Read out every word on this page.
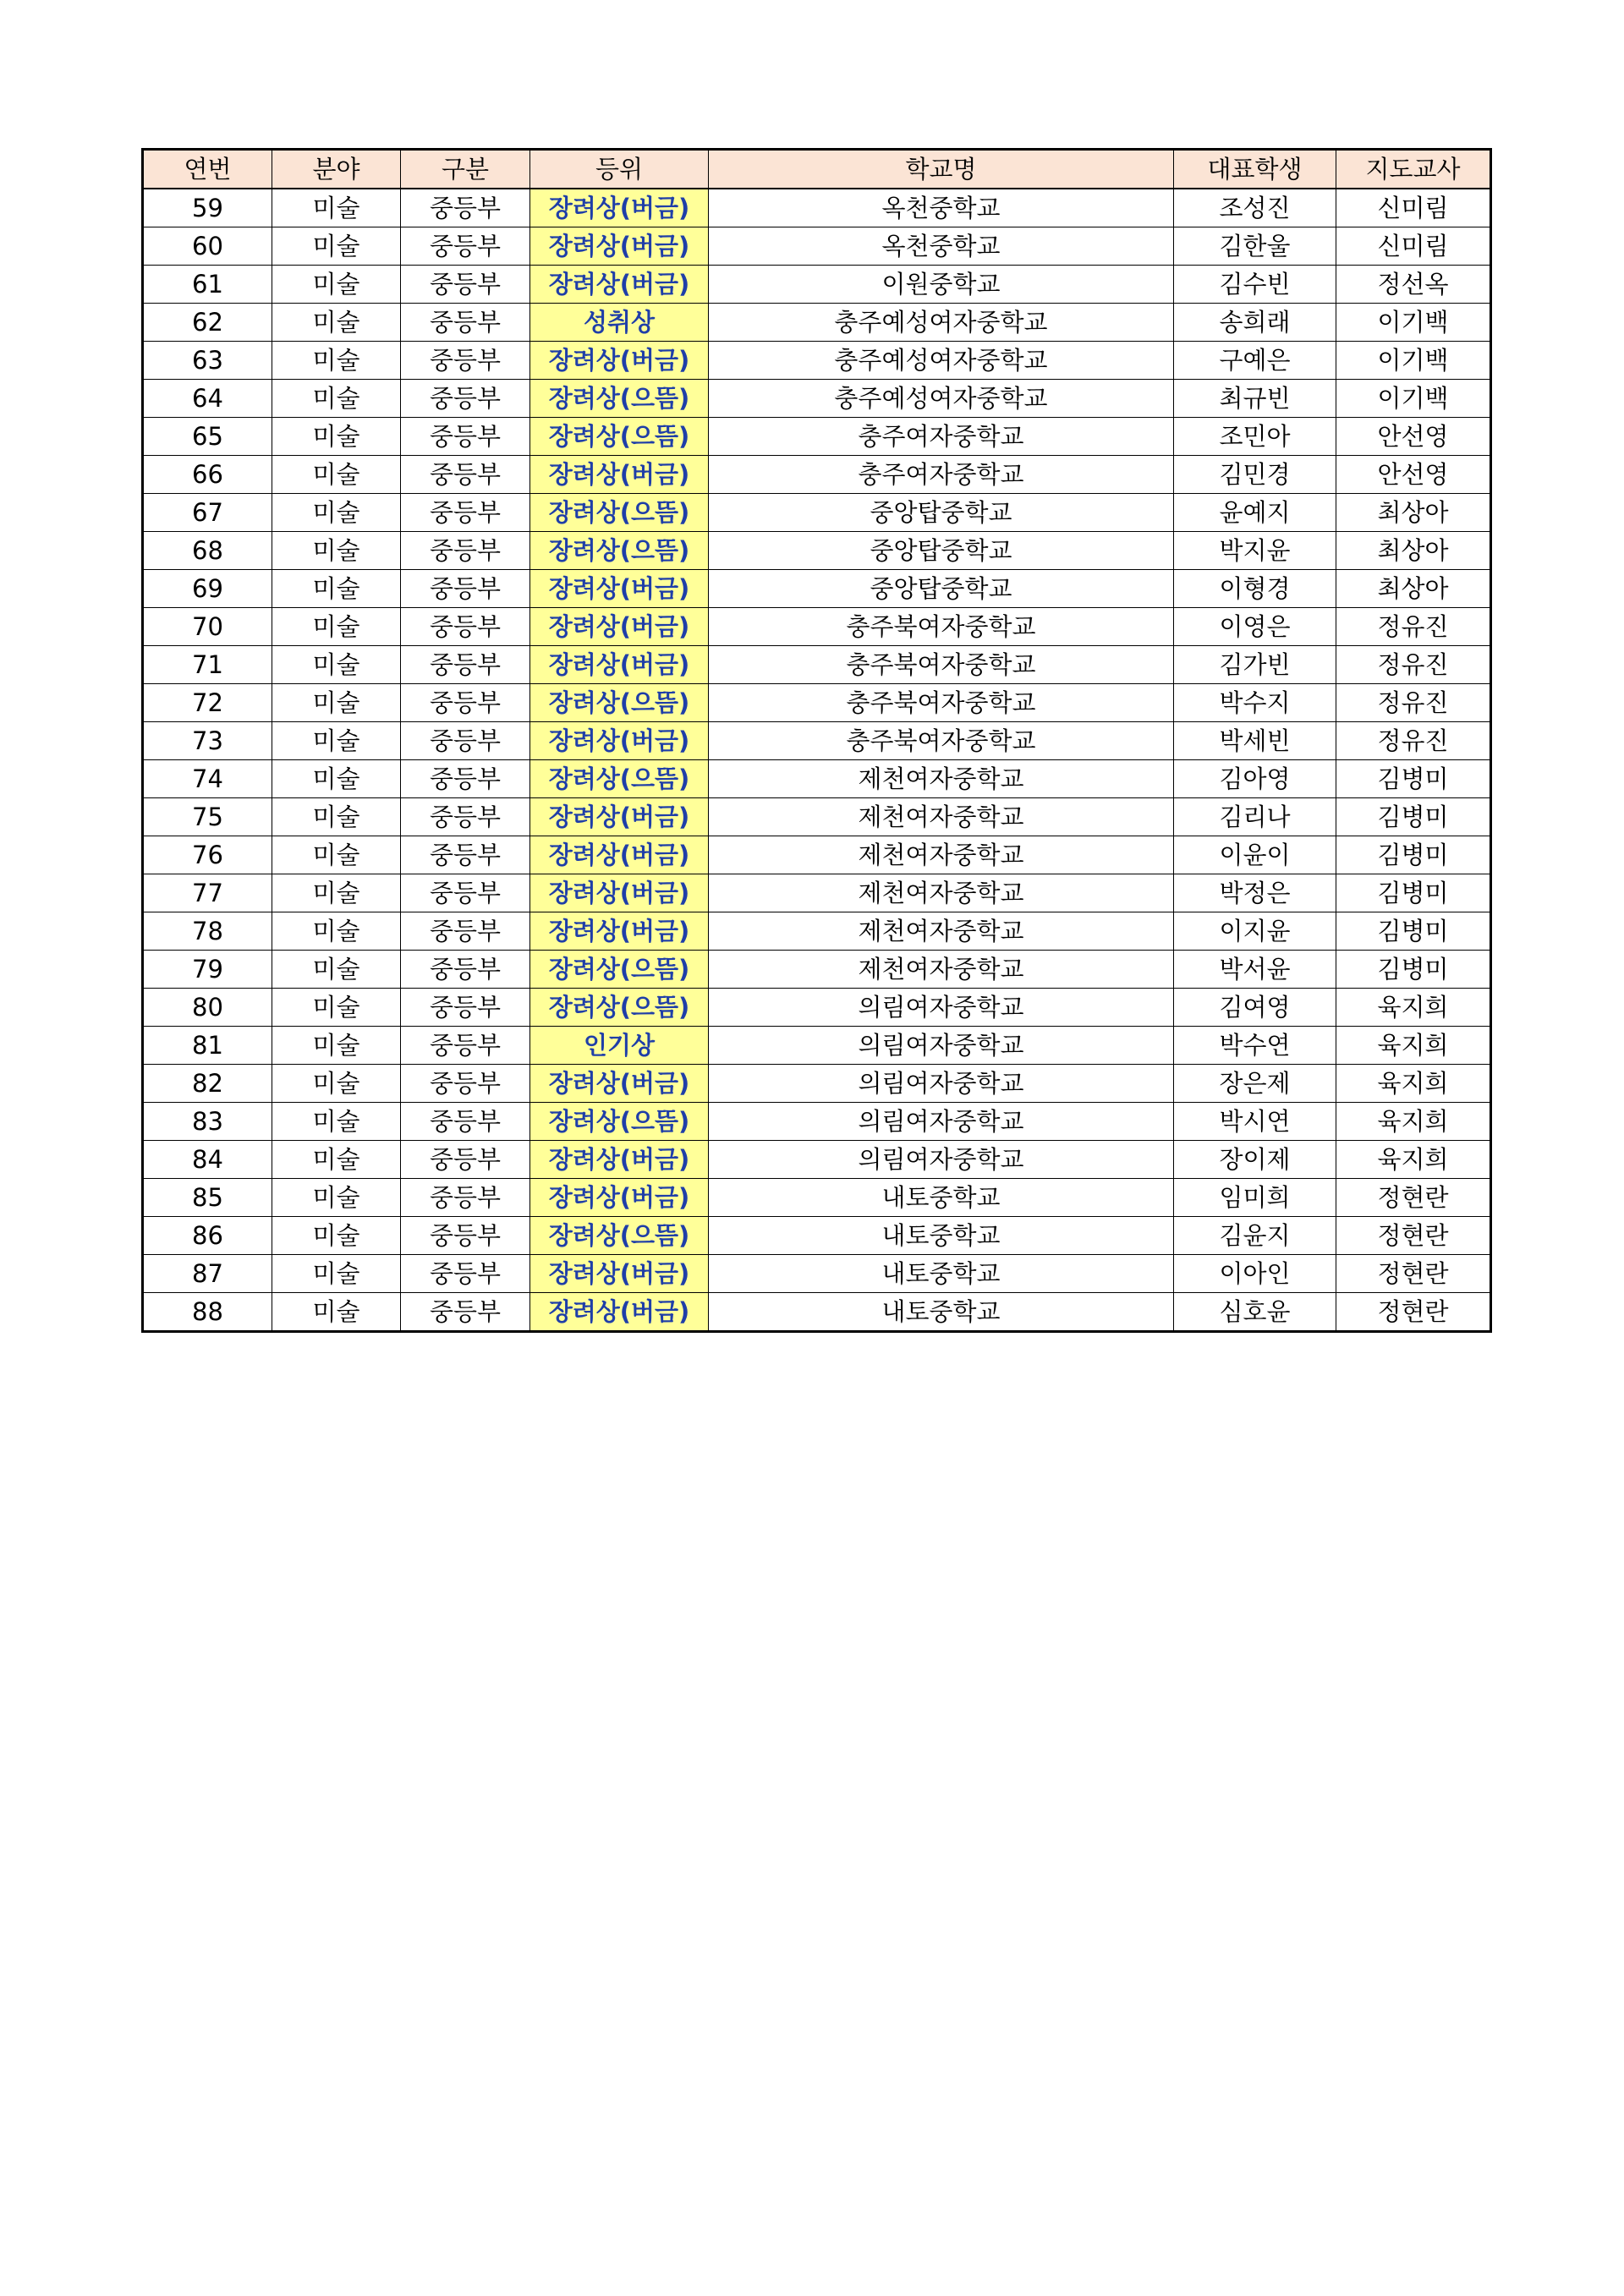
연번	분야	구분	등위	학교명	대표학생	지도교사
59	미술	중등부	장려상(버금)	옥천중학교	조성진	신미림
60	미술	중등부	장려상(버금)	옥천중학교	김한울	신미림
61	미술	중등부	장려상(버금)	이원중학교	김수빈	정선옥
62	미술	중등부	성취상	충주예성여자중학교	송희래	이기백
63	미술	중등부	장려상(버금)	충주예성여자중학교	구예은	이기백
64	미술	중등부	장려상(으뜸)	충주예성여자중학교	최규빈	이기백
65	미술	중등부	장려상(으뜸)	충주여자중학교	조민아	안선영
66	미술	중등부	장려상(버금)	충주여자중학교	김민경	안선영
67	미술	중등부	장려상(으뜸)	중앙탑중학교	윤예지	최상아
68	미술	중등부	장려상(으뜸)	중앙탑중학교	박지윤	최상아
69	미술	중등부	장려상(버금)	중앙탑중학교	이형경	최상아
70	미술	중등부	장려상(버금)	충주북여자중학교	이영은	정유진
71	미술	중등부	장려상(버금)	충주북여자중학교	김가빈	정유진
72	미술	중등부	장려상(으뜸)	충주북여자중학교	박수지	정유진
73	미술	중등부	장려상(버금)	충주북여자중학교	박세빈	정유진
74	미술	중등부	장려상(으뜸)	제천여자중학교	김아영	김병미
75	미술	중등부	장려상(버금)	제천여자중학교	김리나	김병미
76	미술	중등부	장려상(버금)	제천여자중학교	이윤이	김병미
77	미술	중등부	장려상(버금)	제천여자중학교	박정은	김병미
78	미술	중등부	장려상(버금)	제천여자중학교	이지윤	김병미
79	미술	중등부	장려상(으뜸)	제천여자중학교	박서윤	김병미
80	미술	중등부	장려상(으뜸)	의림여자중학교	김여영	육지희
81	미술	중등부	인기상	의림여자중학교	박수연	육지희
82	미술	중등부	장려상(버금)	의림여자중학교	장은제	육지희
83	미술	중등부	장려상(으뜸)	의림여자중학교	박시연	육지희
84	미술	중등부	장려상(버금)	의림여자중학교	장이제	육지희
85	미술	중등부	장려상(버금)	내토중학교	임미희	정현란
86	미술	중등부	장려상(으뜸)	내토중학교	김윤지	정현란
87	미술	중등부	장려상(버금)	내토중학교	이아인	정현란
88	미술	중등부	장려상(버금)	내토중학교	심호윤	정현란
